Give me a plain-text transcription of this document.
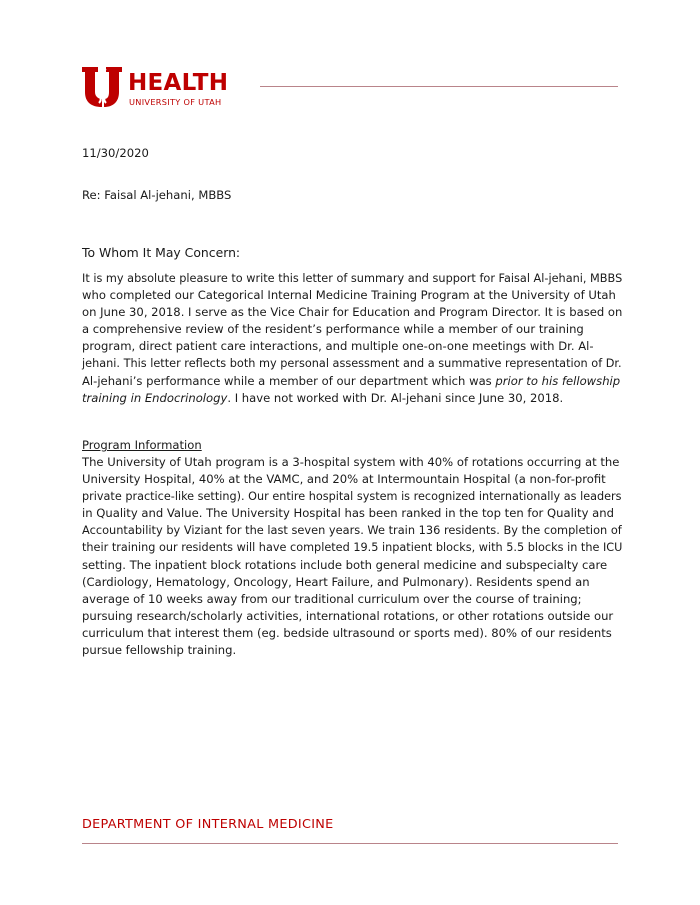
HEALTH
UNIVERSITY OF UTAH
11/30/2020
Re: Faisal Al-jehani, MBBS
To Whom It May Concern:
It is my absolute pleasure to write this letter of summary and support for Faisal Al-jehani, MBBS
who completed our Categorical Internal Medicine Training Program at the University of Utah
on June 30, 2018. I serve as the Vice Chair for Education and Program Director. It is based on
a comprehensive review of the resident’s performance while a member of our training
program, direct patient care interactions, and multiple one-on-one meetings with Dr. Al-
jehani. This letter reflects both my personal assessment and a summative representation of Dr.
Al-jehani’s performance while a member of our department which was prior to his fellowship
training in Endocrinology. I have not worked with Dr. Al-jehani since June 30, 2018.
Program Information
The University of Utah program is a 3-hospital system with 40% of rotations occurring at the
University Hospital, 40% at the VAMC, and 20% at Intermountain Hospital (a non-for-profit
private practice-like setting). Our entire hospital system is recognized internationally as leaders
in Quality and Value. The University Hospital has been ranked in the top ten for Quality and
Accountability by Viziant for the last seven years. We train 136 residents. By the completion of
their training our residents will have completed 19.5 inpatient blocks, with 5.5 blocks in the ICU
setting. The inpatient block rotations include both general medicine and subspecialty care
(Cardiology, Hematology, Oncology, Heart Failure, and Pulmonary). Residents spend an
average of 10 weeks away from our traditional curriculum over the course of training;
pursuing research/scholarly activities, international rotations, or other rotations outside our
curriculum that interest them (eg. bedside ultrasound or sports med). 80% of our residents
pursue fellowship training.
DEPARTMENT OF INTERNAL MEDICINE
